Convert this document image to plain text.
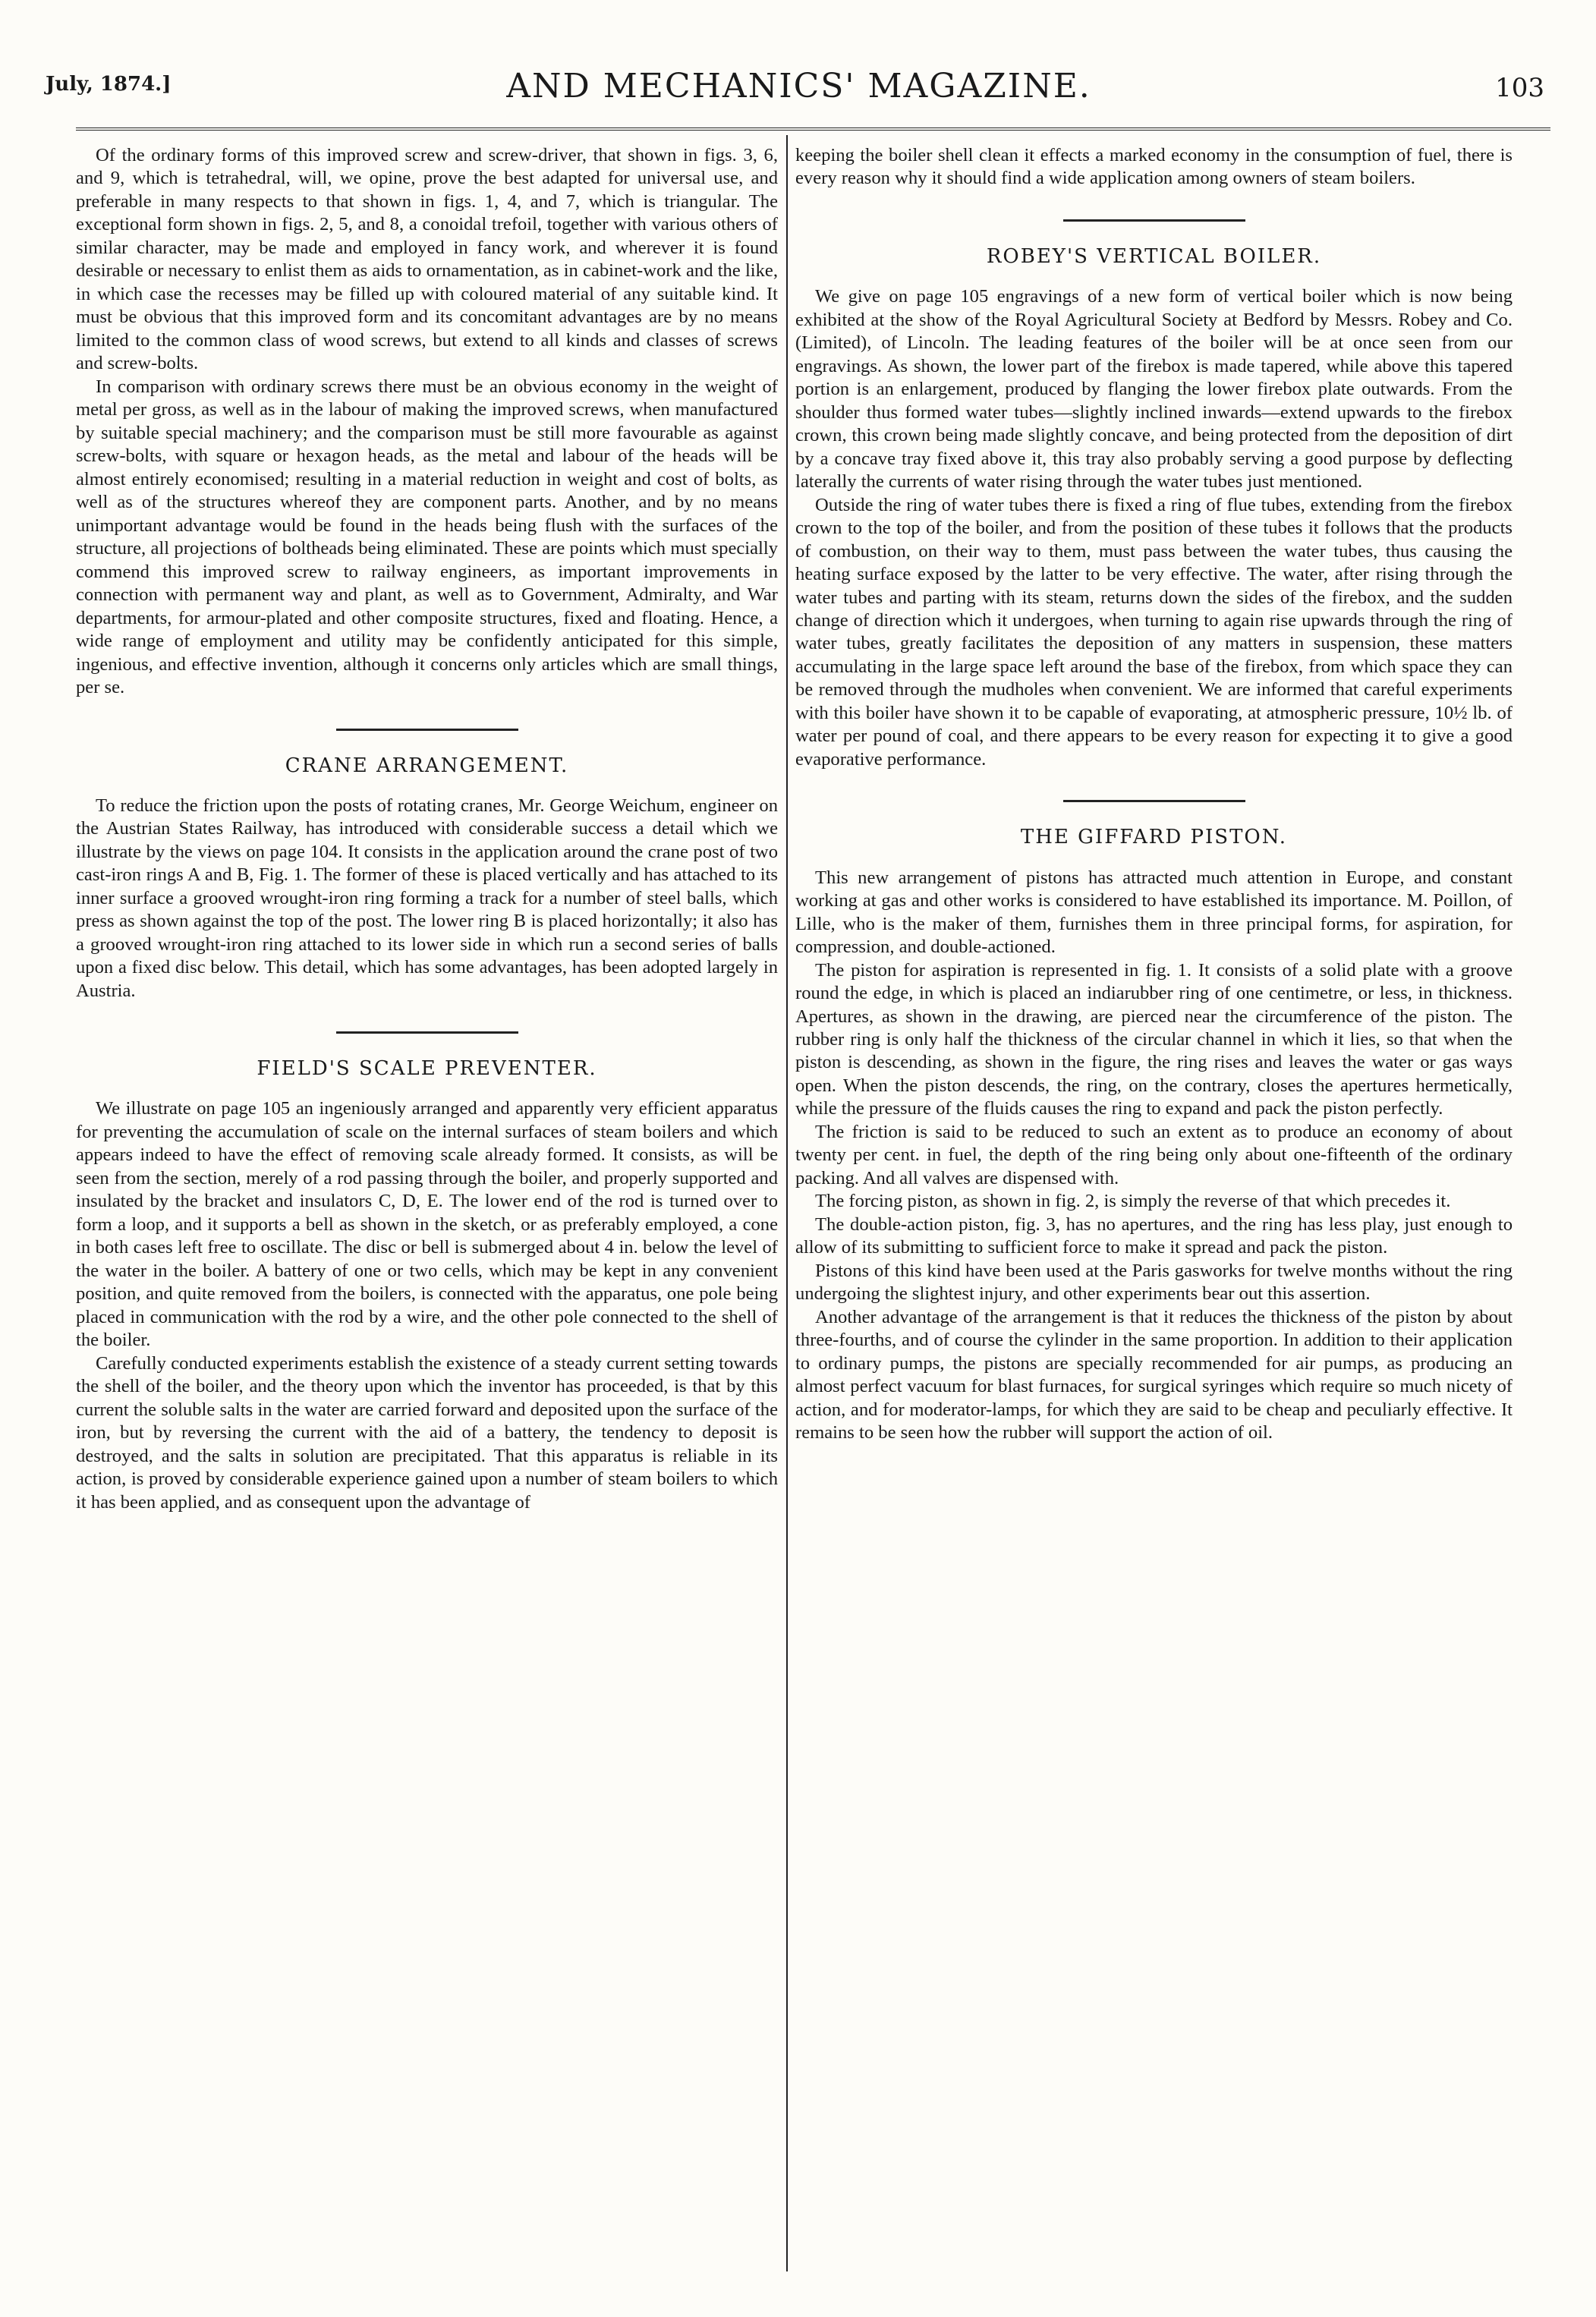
July, 1874.]	AND MECHANICS' MAGAZINE.	103

Of the ordinary forms of this improved screw and screw-driver, that shown in figs. 3, 6, and 9, which is tetrahedral, will, we opine, prove the best adapted for universal use, and preferable in many respects to that shown in figs. 1, 4, and 7, which is triangular. The exceptional form shown in figs. 2, 5, and 8, a conoidal trefoil, together with various others of similar character, may be made and employed in fancy work, and wherever it is found desirable or necessary to enlist them as aids to ornamentation, as in cabinet-work and the like, in which case the recesses may be filled up with coloured material of any suitable kind. It must be obvious that this improved form and its concomitant advantages are by no means limited to the common class of wood screws, but extend to all kinds and classes of screws and screw-bolts.

In comparison with ordinary screws there must be an obvious economy in the weight of metal per gross, as well as in the labour of making the improved screws, when manufactured by suitable special machinery; and the comparison must be still more favourable as against screw-bolts, with square or hexagon heads, as the metal and labour of the heads will be almost entirely economised; resulting in a material reduction in weight and cost of bolts, as well as of the structures whereof they are component parts. Another, and by no means unimportant advantage would be found in the heads being flush with the surfaces of the structure, all projections of boltheads being eliminated. These are points which must specially commend this improved screw to railway engineers, as important improvements in connection with permanent way and plant, as well as to Government, Admiralty, and War departments, for armour-plated and other composite structures, fixed and floating. Hence, a wide range of employment and utility may be confidently anticipated for this simple, ingenious, and effective invention, although it concerns only articles which are small things, per se.

CRANE ARRANGEMENT.

To reduce the friction upon the posts of rotating cranes, Mr. George Weichum, engineer on the Austrian States Railway, has introduced with considerable success a detail which we illustrate by the views on page 104. It consists in the application around the crane post of two cast-iron rings A and B, Fig. 1. The former of these is placed vertically and has attached to its inner surface a grooved wrought-iron ring forming a track for a number of steel balls, which press as shown against the top of the post. The lower ring B is placed horizontally; it also has a grooved wrought-iron ring attached to its lower side in which run a second series of balls upon a fixed disc below. This detail, which has some advantages, has been adopted largely in Austria.

FIELD'S SCALE PREVENTER.

We illustrate on page 105 an ingeniously arranged and apparently very efficient apparatus for preventing the accumulation of scale on the internal surfaces of steam boilers and which appears indeed to have the effect of removing scale already formed. It consists, as will be seen from the section, merely of a rod passing through the boiler, and properly supported and insulated by the bracket and insulators C, D, E. The lower end of the rod is turned over to form a loop, and it supports a bell as shown in the sketch, or as preferably employed, a cone in both cases left free to oscillate. The disc or bell is submerged about 4 in. below the level of the water in the boiler. A battery of one or two cells, which may be kept in any convenient position, and quite removed from the boilers, is connected with the apparatus, one pole being placed in communication with the rod by a wire, and the other pole connected to the shell of the boiler.

Carefully conducted experiments establish the existence of a steady current setting towards the shell of the boiler, and the theory upon which the inventor has proceeded, is that by this current the soluble salts in the water are carried forward and deposited upon the surface of the iron, but by reversing the current with the aid of a battery, the tendency to deposit is destroyed, and the salts in solution are precipitated. That this apparatus is reliable in its action, is proved by considerable experience gained upon a number of steam boilers to which it has been applied, and as consequent upon the advantage of

keeping the boiler shell clean it effects a marked economy in the consumption of fuel, there is every reason why it should find a wide application among owners of steam boilers.

ROBEY'S VERTICAL BOILER.

We give on page 105 engravings of a new form of vertical boiler which is now being exhibited at the show of the Royal Agricultural Society at Bedford by Messrs. Robey and Co. (Limited), of Lincoln. The leading features of the boiler will be at once seen from our engravings. As shown, the lower part of the firebox is made tapered, while above this tapered portion is an enlargement, produced by flanging the lower firebox plate outwards. From the shoulder thus formed water tubes—slightly inclined inwards—extend upwards to the firebox crown, this crown being made slightly concave, and being protected from the deposition of dirt by a concave tray fixed above it, this tray also probably serving a good purpose by deflecting laterally the currents of water rising through the water tubes just mentioned.

Outside the ring of water tubes there is fixed a ring of flue tubes, extending from the firebox crown to the top of the boiler, and from the position of these tubes it follows that the products of combustion, on their way to them, must pass between the water tubes, thus causing the heating surface exposed by the latter to be very effective. The water, after rising through the water tubes and parting with its steam, returns down the sides of the firebox, and the sudden change of direction which it undergoes, when turning to again rise upwards through the ring of water tubes, greatly facilitates the deposition of any matters in suspension, these matters accumulating in the large space left around the base of the firebox, from which space they can be removed through the mudholes when convenient. We are informed that careful experiments with this boiler have shown it to be capable of evaporating, at atmospheric pressure, 10½ lb. of water per pound of coal, and there appears to be every reason for expecting it to give a good evaporative performance.

THE GIFFARD PISTON.

This new arrangement of pistons has attracted much attention in Europe, and constant working at gas and other works is considered to have established its importance. M. Poillon, of Lille, who is the maker of them, furnishes them in three principal forms, for aspiration, for compression, and double-actioned.

The piston for aspiration is represented in fig. 1. It consists of a solid plate with a groove round the edge, in which is placed an indiarubber ring of one centimetre, or less, in thickness. Apertures, as shown in the drawing, are pierced near the circumference of the piston. The rubber ring is only half the thickness of the circular channel in which it lies, so that when the piston is descending, as shown in the figure, the ring rises and leaves the water or gas ways open. When the piston descends, the ring, on the contrary, closes the apertures hermetically, while the pressure of the fluids causes the ring to expand and pack the piston perfectly.

The friction is said to be reduced to such an extent as to produce an economy of about twenty per cent. in fuel, the depth of the ring being only about one-fifteenth of the ordinary packing. And all valves are dispensed with.

The forcing piston, as shown in fig. 2, is simply the reverse of that which precedes it.

The double-action piston, fig. 3, has no apertures, and the ring has less play, just enough to allow of its submitting to sufficient force to make it spread and pack the piston.

Pistons of this kind have been used at the Paris gasworks for twelve months without the ring undergoing the slightest injury, and other experiments bear out this assertion.

Another advantage of the arrangement is that it reduces the thickness of the piston by about three-fourths, and of course the cylinder in the same proportion. In addition to their application to ordinary pumps, the pistons are specially recommended for air pumps, as producing an almost perfect vacuum for blast furnaces, for surgical syringes which require so much nicety of action, and for moderator-lamps, for which they are said to be cheap and peculiarly effective. It remains to be seen how the rubber will support the action of oil.
